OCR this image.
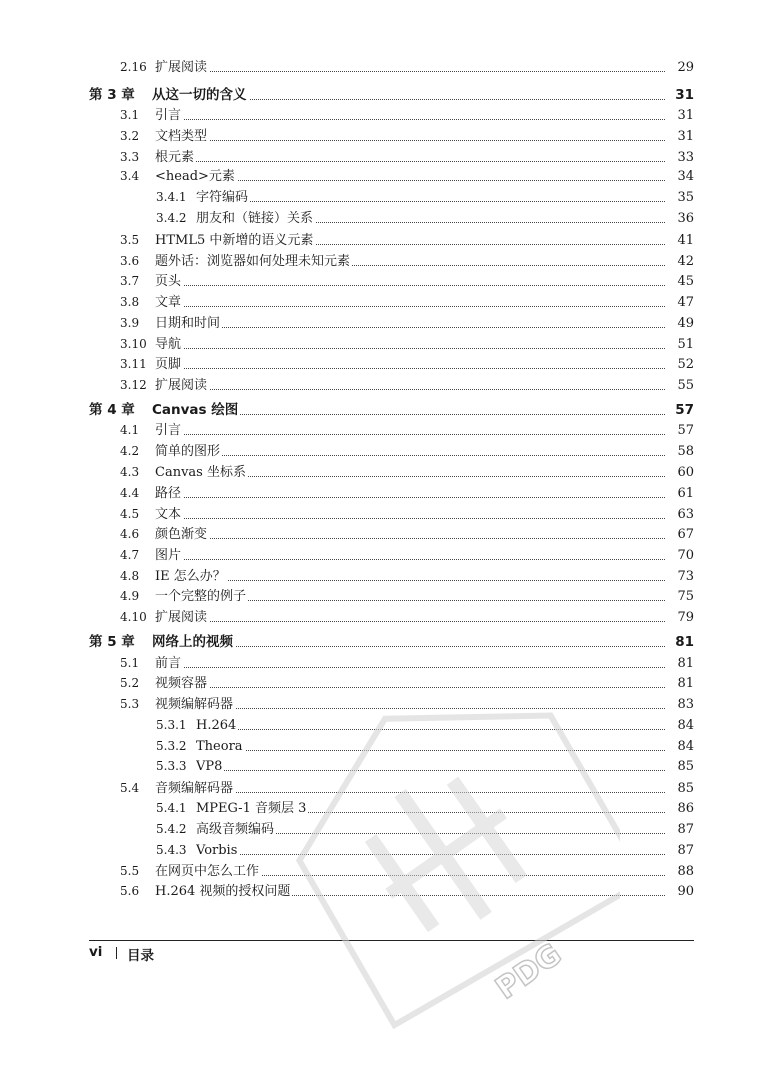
2.16 扩展阅读	29
第 3 章 从这一切的含义	31
3.1 引言	31
3.2 文档类型	31
3.3 根元素	33
3.4 <head>元素	34
3.4.1 字符编码	35
3.4.2 朋友和（链接）关系	36
3.5 HTML5 中新增的语义元素	41
3.6 题外话：浏览器如何处理未知元素	42
3.7 页头	45
3.8 文章	47
3.9 日期和时间	49
3.10 导航	51
3.11 页脚	52
3.12 扩展阅读	55
第 4 章 Canvas 绘图	57
4.1 引言	57
4.2 简单的图形	58
4.3 Canvas 坐标系	60
4.4 路径	61
4.5 文本	63
4.6 颜色渐变	67
4.7 图片	70
4.8 IE 怎么办？	73
4.9 一个完整的例子	75
4.10 扩展阅读	79
第 5 章 网络上的视频	81
5.1 前言	81
5.2 视频容器	81
5.3 视频编解码器	83
5.3.1 H.264	84
5.3.2 Theora	84
5.3.3 VP8	85
5.4 音频编解码器	85
5.4.1 MPEG-1 音频层 3	86
5.4.2 高级音频编码	87
5.4.3 Vorbis	87
5.5 在网页中怎么工作	88
5.6 H.264 视频的授权问题	90
vi 目录	PDG
